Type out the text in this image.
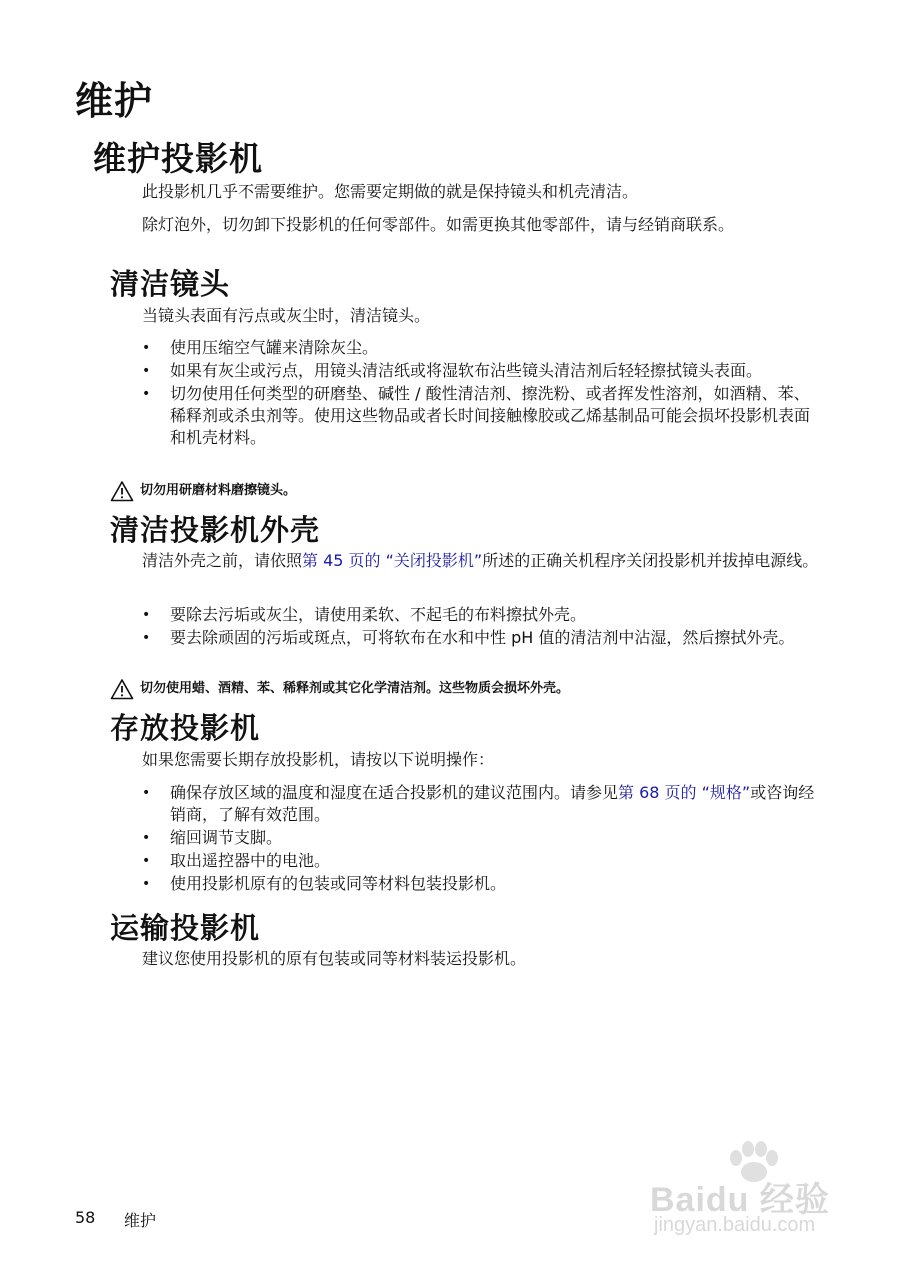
维护
维护投影机
此投影机几乎不需要维护。您需要定期做的就是保持镜头和机壳清洁。
除灯泡外，切勿卸下投影机的任何零部件。如需更换其他零部件，请与经销商联系。
清洁镜头
当镜头表面有污点或灰尘时，清洁镜头。
• 使用压缩空气罐来清除灰尘。
• 如果有灰尘或污点，用镜头清洁纸或将湿软布沾些镜头清洁剂后轻轻擦拭镜头表面。
• 切勿使用任何类型的研磨垫、碱性 / 酸性清洁剂、擦洗粉、或者挥发性溶剂，如酒精、苯、稀释剂或杀虫剂等。使用这些物品或者长时间接触橡胶或乙烯基制品可能会损坏投影机表面和机壳材料。
切勿用研磨材料磨擦镜头。
清洁投影机外壳
清洁外壳之前，请依照第 45 页的 “关闭投影机”所述的正确关机程序关闭投影机并拔掉电源线。
• 要除去污垢或灰尘，请使用柔软、不起毛的布料擦拭外壳。
• 要去除顽固的污垢或斑点，可将软布在水和中性 pH 值的清洁剂中沾湿，然后擦拭外壳。
切勿使用蜡、酒精、苯、稀释剂或其它化学清洁剂。这些物质会损坏外壳。
存放投影机
如果您需要长期存放投影机，请按以下说明操作：
• 确保存放区域的温度和湿度在适合投影机的建议范围内。请参见第 68 页的 “规格”或咨询经销商，了解有效范围。
• 缩回调节支脚。
• 取出遥控器中的电池。
• 使用投影机原有的包装或同等材料包装投影机。
运输投影机
建议您使用投影机的原有包装或同等材料装运投影机。
58 维护
Baidu 经验
jingyan.baidu.com
